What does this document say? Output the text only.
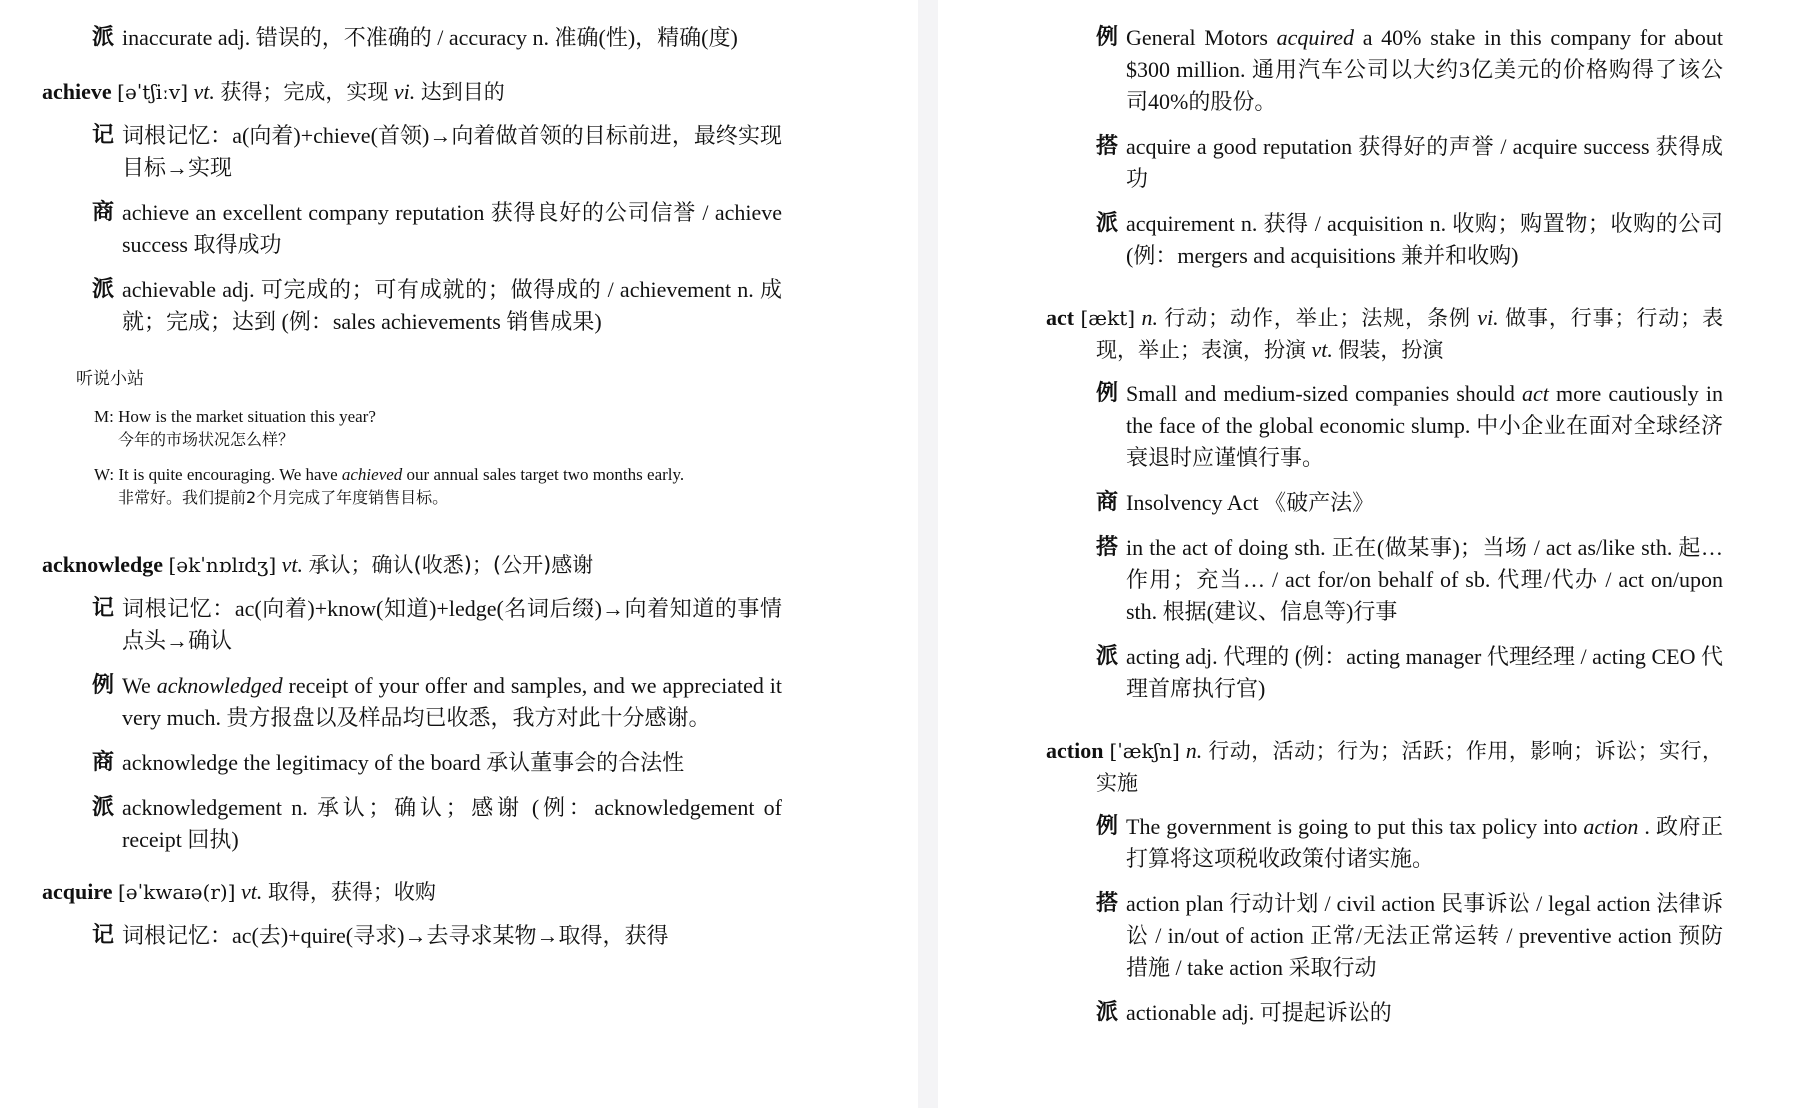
派 inaccurate adj. 错误的，不准确的 / accuracy n. 准确(性)，精确(度)
achieve [əˈtʃiːv] vt. 获得；完成，实现 vi. 达到目的
记 词根记忆：a(向着)+chieve(首领)→向着做首领的目标前进，最终实现目标→实现
商 achieve an excellent company reputation 获得良好的公司信誉 / achieve success 取得成功
派 achievable adj. 可完成的；可有成就的；做得成的 / achievement n. 成就；完成；达到 (例：sales achievements 销售成果)
听说小站
M: How is the market situation this year?
今年的市场状况怎么样？
W: It is quite encouraging. We have achieved our annual sales target two months early.
非常好。我们提前2个月完成了年度销售目标。
acknowledge [əkˈnɒlɪdʒ] vt. 承认；确认(收悉)；(公开)感谢
记 词根记忆：ac(向着)+know(知道)+ledge(名词后缀)→向着知道的事情点头→确认
例 We acknowledged receipt of your offer and samples, and we appreciated it very much. 贵方报盘以及样品均已收悉，我方对此十分感谢。
商 acknowledge the legitimacy of the board 承认董事会的合法性
派 acknowledgement n. 承认；确认；感谢 (例：acknowledgement of receipt 回执)
acquire [əˈkwaɪə(r)] vt. 取得，获得；收购
记 词根记忆：ac(去)+quire(寻求)→去寻求某物→取得，获得
例 General Motors acquired a 40% stake in this company for about $300 million. 通用汽车公司以大约3亿美元的价格购得了该公司40%的股份。
搭 acquire a good reputation 获得好的声誉 / acquire success 获得成功
派 acquirement n. 获得 / acquisition n. 收购；购置物；收购的公司 (例：mergers and acquisitions 兼并和收购)
act [ækt] n. 行动；动作，举止；法规，条例 vi. 做事，行事；行动；表现，举止；表演，扮演 vt. 假装，扮演
例 Small and medium-sized companies should act more cautiously in the face of the global economic slump. 中小企业在面对全球经济衰退时应谨慎行事。
商 Insolvency Act 《破产法》
搭 in the act of doing sth. 正在(做某事)；当场 / act as/like sth. 起…作用；充当… / act for/on behalf of sb. 代理/代办 / act on/upon sth. 根据(建议、信息等)行事
派 acting adj. 代理的 (例：acting manager 代理经理 / acting CEO 代理首席执行官)
action [ˈækʃn] n. 行动，活动；行为；活跃；作用，影响；诉讼；实行，实施
例 The government is going to put this tax policy into action . 政府正打算将这项税收政策付诸实施。
搭 action plan 行动计划 / civil action 民事诉讼 / legal action 法律诉讼 / in/out of action 正常/无法正常运转 / preventive action 预防措施 / take action 采取行动
派 actionable adj. 可提起诉讼的
